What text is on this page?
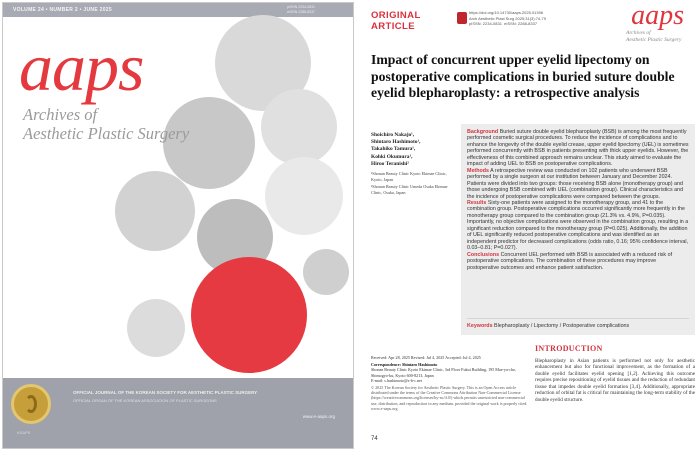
VOLUME 24 • NUMBER 2 • JUNE 2025	pISSN 2234-0831
eISSN 2288-8337
aaps
Archives of
Aesthetic Plastic Surgery
KSAPS
OFFICIAL JOURNAL OF THE KOREAN SOCIETY FOR AESTHETIC PLASTIC SURGERY
OFFICIAL ORGAN OF THE KOREAN ASSOCIATION OF PLASTIC SURGEONS
www.e-aaps.org
ORIGINAL
ARTICLE
https://doi.org/10.14730/aaps.2025.01396
Arch Aesthetic Plast Surg 2025;31(3):74-79
pISSN: 2234-0831  eISSN: 2288-8337	aaps
Archives of
Aesthetic Plastic Surgery
Impact of concurrent upper eyelid lipectomy on postoperative complications in buried suture double eyelid blepharoplasty: a retrospective analysis
Shoichiro Nakajo¹,
Shintaro Hashimoto¹,
Takahiko Tamura¹,
Kohki Okumura¹,
Hiroo Teranishi²
¹Shonan Beauty Clinic Kyoto Ekimae Clinic, Kyoto, Japan
²Shonan Beauty Clinic Umeda Osaka Ekimae Clinic, Osaka, Japan
Background Buried suture double eyelid blepharoplasty (BSB) is among the most frequently performed cosmetic surgical procedures. To reduce the incidence of complications and to enhance the longevity of the double eyelid crease, upper eyelid lipectomy (UEL) is sometimes performed concurrently with BSB in patients presenting with thick upper eyelids. However, the effectiveness of this combined approach remains unclear. This study aimed to evaluate the impact of adding UEL to BSB on postoperative complications.
Methods A retrospective review was conducted on 102 patients who underwent BSB performed by a single surgeon at our institution between January and December 2024. Patients were divided into two groups: those receiving BSB alone (monotherapy group) and those undergoing BSB combined with UEL (combination group). Clinical characteristics and the incidence of postoperative complications were compared between the groups.
Results Sixty-one patients were assigned to the monotherapy group, and 41 to the combination group. Postoperative complications occurred significantly more frequently in the monotherapy group compared to the combination group (21.3% vs. 4.9%, P=0.035). Importantly, no objective complications were observed in the combination group, resulting in a significant reduction compared to the monotherapy group (P=0.025). Additionally, the addition of UEL significantly reduced postoperative complications and was identified as an independent predictor for decreased complications (odds ratio, 0.16; 95% confidence interval, 0.03–0.81; P=0.027).
Conclusions Concurrent UEL performed with BSB is associated with a reduced risk of postoperative complications. The combination of these procedures may improve postoperative outcomes and enhance patient satisfaction.
Keywords Blepharoplasty / Lipectomy / Postoperative complications
Received: Apr 28, 2025 Revised: Jul 4, 2025 Accepted: Jul 4, 2025
Correspondence: Shintaro Hashimoto
Shonan Beauty Clinic Kyoto Ekimae Clinic, 3rd Floor Fukui Building, 195 Mae-ya-cho, Shimogyo-ku, Kyoto 600-8213, Japan
E-mail: s.hashimoto@s-b-c.net
© 2025 The Korean Society for Aesthetic Plastic Surgery. This is an Open Access article distributed under the terms of the Creative Commons Attribution Non-Commercial License (https://creativecommons.org/licenses/by-nc/4.0/) which permits unrestricted non-commercial use, distribution, and reproduction in any medium, provided the original work is properly cited. www.e-aaps.org
74
INTRODUCTION
Blepharoplasty in Asian patients is performed not only for aesthetic enhancement but also for functional improvement, as the formation of a double eyelid facilitates eyelid opening [1,2]. Achieving this outcome requires precise repositioning of eyelid tissues and the reduction of redundant tissue that impedes double eyelid formation [3,4]. Additionally, appropriate reduction of orbital fat is critical for maintaining the long-term stability of the double eyelid structure.
